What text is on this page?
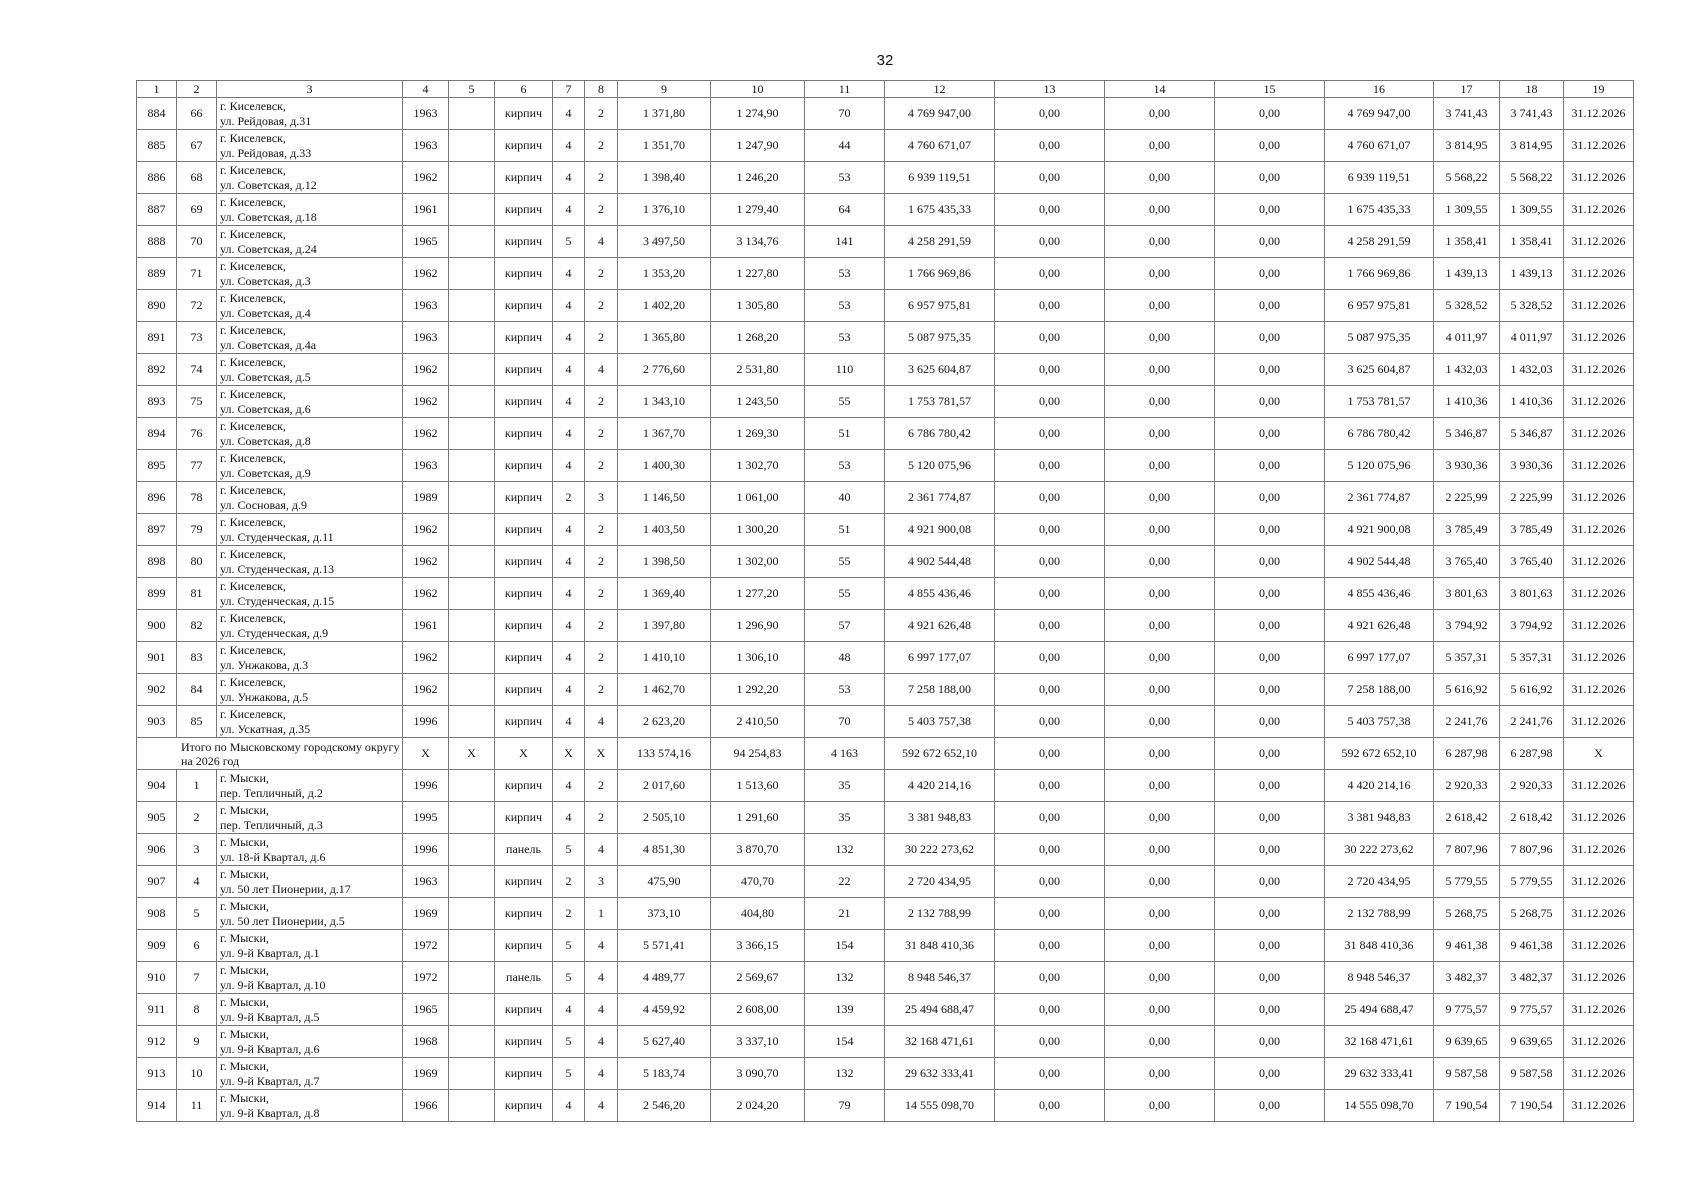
32
1	2	3	4	5	6	7	8	9	10	11	12	13	14	15	16	17	18	19
884	66	г. Киселевск,
ул. Рейдовая, д.31	1963		кирпич	4	2	1 371,80	1 274,90	70	4 769 947,00	0,00	0,00	0,00	4 769 947,00	3 741,43	3 741,43	31.12.2026
885	67	г. Киселевск,
ул. Рейдовая, д.33	1963		кирпич	4	2	1 351,70	1 247,90	44	4 760 671,07	0,00	0,00	0,00	4 760 671,07	3 814,95	3 814,95	31.12.2026
886	68	г. Киселевск,
ул. Советская, д.12	1962		кирпич	4	2	1 398,40	1 246,20	53	6 939 119,51	0,00	0,00	0,00	6 939 119,51	5 568,22	5 568,22	31.12.2026
887	69	г. Киселевск,
ул. Советская, д.18	1961		кирпич	4	2	1 376,10	1 279,40	64	1 675 435,33	0,00	0,00	0,00	1 675 435,33	1 309,55	1 309,55	31.12.2026
888	70	г. Киселевск,
ул. Советская, д.24	1965		кирпич	5	4	3 497,50	3 134,76	141	4 258 291,59	0,00	0,00	0,00	4 258 291,59	1 358,41	1 358,41	31.12.2026
889	71	г. Киселевск,
ул. Советская, д.3	1962		кирпич	4	2	1 353,20	1 227,80	53	1 766 969,86	0,00	0,00	0,00	1 766 969,86	1 439,13	1 439,13	31.12.2026
890	72	г. Киселевск,
ул. Советская, д.4	1963		кирпич	4	2	1 402,20	1 305,80	53	6 957 975,81	0,00	0,00	0,00	6 957 975,81	5 328,52	5 328,52	31.12.2026
891	73	г. Киселевск,
ул. Советская, д.4а	1963		кирпич	4	2	1 365,80	1 268,20	53	5 087 975,35	0,00	0,00	0,00	5 087 975,35	4 011,97	4 011,97	31.12.2026
892	74	г. Киселевск,
ул. Советская, д.5	1962		кирпич	4	4	2 776,60	2 531,80	110	3 625 604,87	0,00	0,00	0,00	3 625 604,87	1 432,03	1 432,03	31.12.2026
893	75	г. Киселевск,
ул. Советская, д.6	1962		кирпич	4	2	1 343,10	1 243,50	55	1 753 781,57	0,00	0,00	0,00	1 753 781,57	1 410,36	1 410,36	31.12.2026
894	76	г. Киселевск,
ул. Советская, д.8	1962		кирпич	4	2	1 367,70	1 269,30	51	6 786 780,42	0,00	0,00	0,00	6 786 780,42	5 346,87	5 346,87	31.12.2026
895	77	г. Киселевск,
ул. Советская, д.9	1963		кирпич	4	2	1 400,30	1 302,70	53	5 120 075,96	0,00	0,00	0,00	5 120 075,96	3 930,36	3 930,36	31.12.2026
896	78	г. Киселевск,
ул. Сосновая, д.9	1989		кирпич	2	3	1 146,50	1 061,00	40	2 361 774,87	0,00	0,00	0,00	2 361 774,87	2 225,99	2 225,99	31.12.2026
897	79	г. Киселевск,
ул. Студенческая, д.11	1962		кирпич	4	2	1 403,50	1 300,20	51	4 921 900,08	0,00	0,00	0,00	4 921 900,08	3 785,49	3 785,49	31.12.2026
898	80	г. Киселевск,
ул. Студенческая, д.13	1962		кирпич	4	2	1 398,50	1 302,00	55	4 902 544,48	0,00	0,00	0,00	4 902 544,48	3 765,40	3 765,40	31.12.2026
899	81	г. Киселевск,
ул. Студенческая, д.15	1962		кирпич	4	2	1 369,40	1 277,20	55	4 855 436,46	0,00	0,00	0,00	4 855 436,46	3 801,63	3 801,63	31.12.2026
900	82	г. Киселевск,
ул. Студенческая, д.9	1961		кирпич	4	2	1 397,80	1 296,90	57	4 921 626,48	0,00	0,00	0,00	4 921 626,48	3 794,92	3 794,92	31.12.2026
901	83	г. Киселевск,
ул. Унжакова, д.3	1962		кирпич	4	2	1 410,10	1 306,10	48	6 997 177,07	0,00	0,00	0,00	6 997 177,07	5 357,31	5 357,31	31.12.2026
902	84	г. Киселевск,
ул. Унжакова, д.5	1962		кирпич	4	2	1 462,70	1 292,20	53	7 258 188,00	0,00	0,00	0,00	7 258 188,00	5 616,92	5 616,92	31.12.2026
903	85	г. Киселевск,
ул. Ускатная, д.35	1996		кирпич	4	4	2 623,20	2 410,50	70	5 403 757,38	0,00	0,00	0,00	5 403 757,38	2 241,76	2 241,76	31.12.2026
Итого по Мысковскому городскому округу на 2026 год			X	X	X	X	X	133 574,16	94 254,83	4 163	592 672 652,10	0,00	0,00	0,00	592 672 652,10	6 287,98	6 287,98	X
904	1	г. Мыски,
пер. Тепличный, д.2	1996		кирпич	4	2	2 017,60	1 513,60	35	4 420 214,16	0,00	0,00	0,00	4 420 214,16	2 920,33	2 920,33	31.12.2026
905	2	г. Мыски,
пер. Тепличный, д.3	1995		кирпич	4	2	2 505,10	1 291,60	35	3 381 948,83	0,00	0,00	0,00	3 381 948,83	2 618,42	2 618,42	31.12.2026
906	3	г. Мыски,
ул. 18-й Квартал, д.6	1996		панель	5	4	4 851,30	3 870,70	132	30 222 273,62	0,00	0,00	0,00	30 222 273,62	7 807,96	7 807,96	31.12.2026
907	4	г. Мыски,
ул. 50 лет Пионерии, д.17	1963		кирпич	2	3	475,90	470,70	22	2 720 434,95	0,00	0,00	0,00	2 720 434,95	5 779,55	5 779,55	31.12.2026
908	5	г. Мыски,
ул. 50 лет Пионерии, д.5	1969		кирпич	2	1	373,10	404,80	21	2 132 788,99	0,00	0,00	0,00	2 132 788,99	5 268,75	5 268,75	31.12.2026
909	6	г. Мыски,
ул. 9-й Квартал, д.1	1972		кирпич	5	4	5 571,41	3 366,15	154	31 848 410,36	0,00	0,00	0,00	31 848 410,36	9 461,38	9 461,38	31.12.2026
910	7	г. Мыски,
ул. 9-й Квартал, д.10	1972		панель	5	4	4 489,77	2 569,67	132	8 948 546,37	0,00	0,00	0,00	8 948 546,37	3 482,37	3 482,37	31.12.2026
911	8	г. Мыски,
ул. 9-й Квартал, д.5	1965		кирпич	4	4	4 459,92	2 608,00	139	25 494 688,47	0,00	0,00	0,00	25 494 688,47	9 775,57	9 775,57	31.12.2026
912	9	г. Мыски,
ул. 9-й Квартал, д.6	1968		кирпич	5	4	5 627,40	3 337,10	154	32 168 471,61	0,00	0,00	0,00	32 168 471,61	9 639,65	9 639,65	31.12.2026
913	10	г. Мыски,
ул. 9-й Квартал, д.7	1969		кирпич	5	4	5 183,74	3 090,70	132	29 632 333,41	0,00	0,00	0,00	29 632 333,41	9 587,58	9 587,58	31.12.2026
914	11	г. Мыски,
ул. 9-й Квартал, д.8	1966		кирпич	4	4	2 546,20	2 024,20	79	14 555 098,70	0,00	0,00	0,00	14 555 098,70	7 190,54	7 190,54	31.12.2026
